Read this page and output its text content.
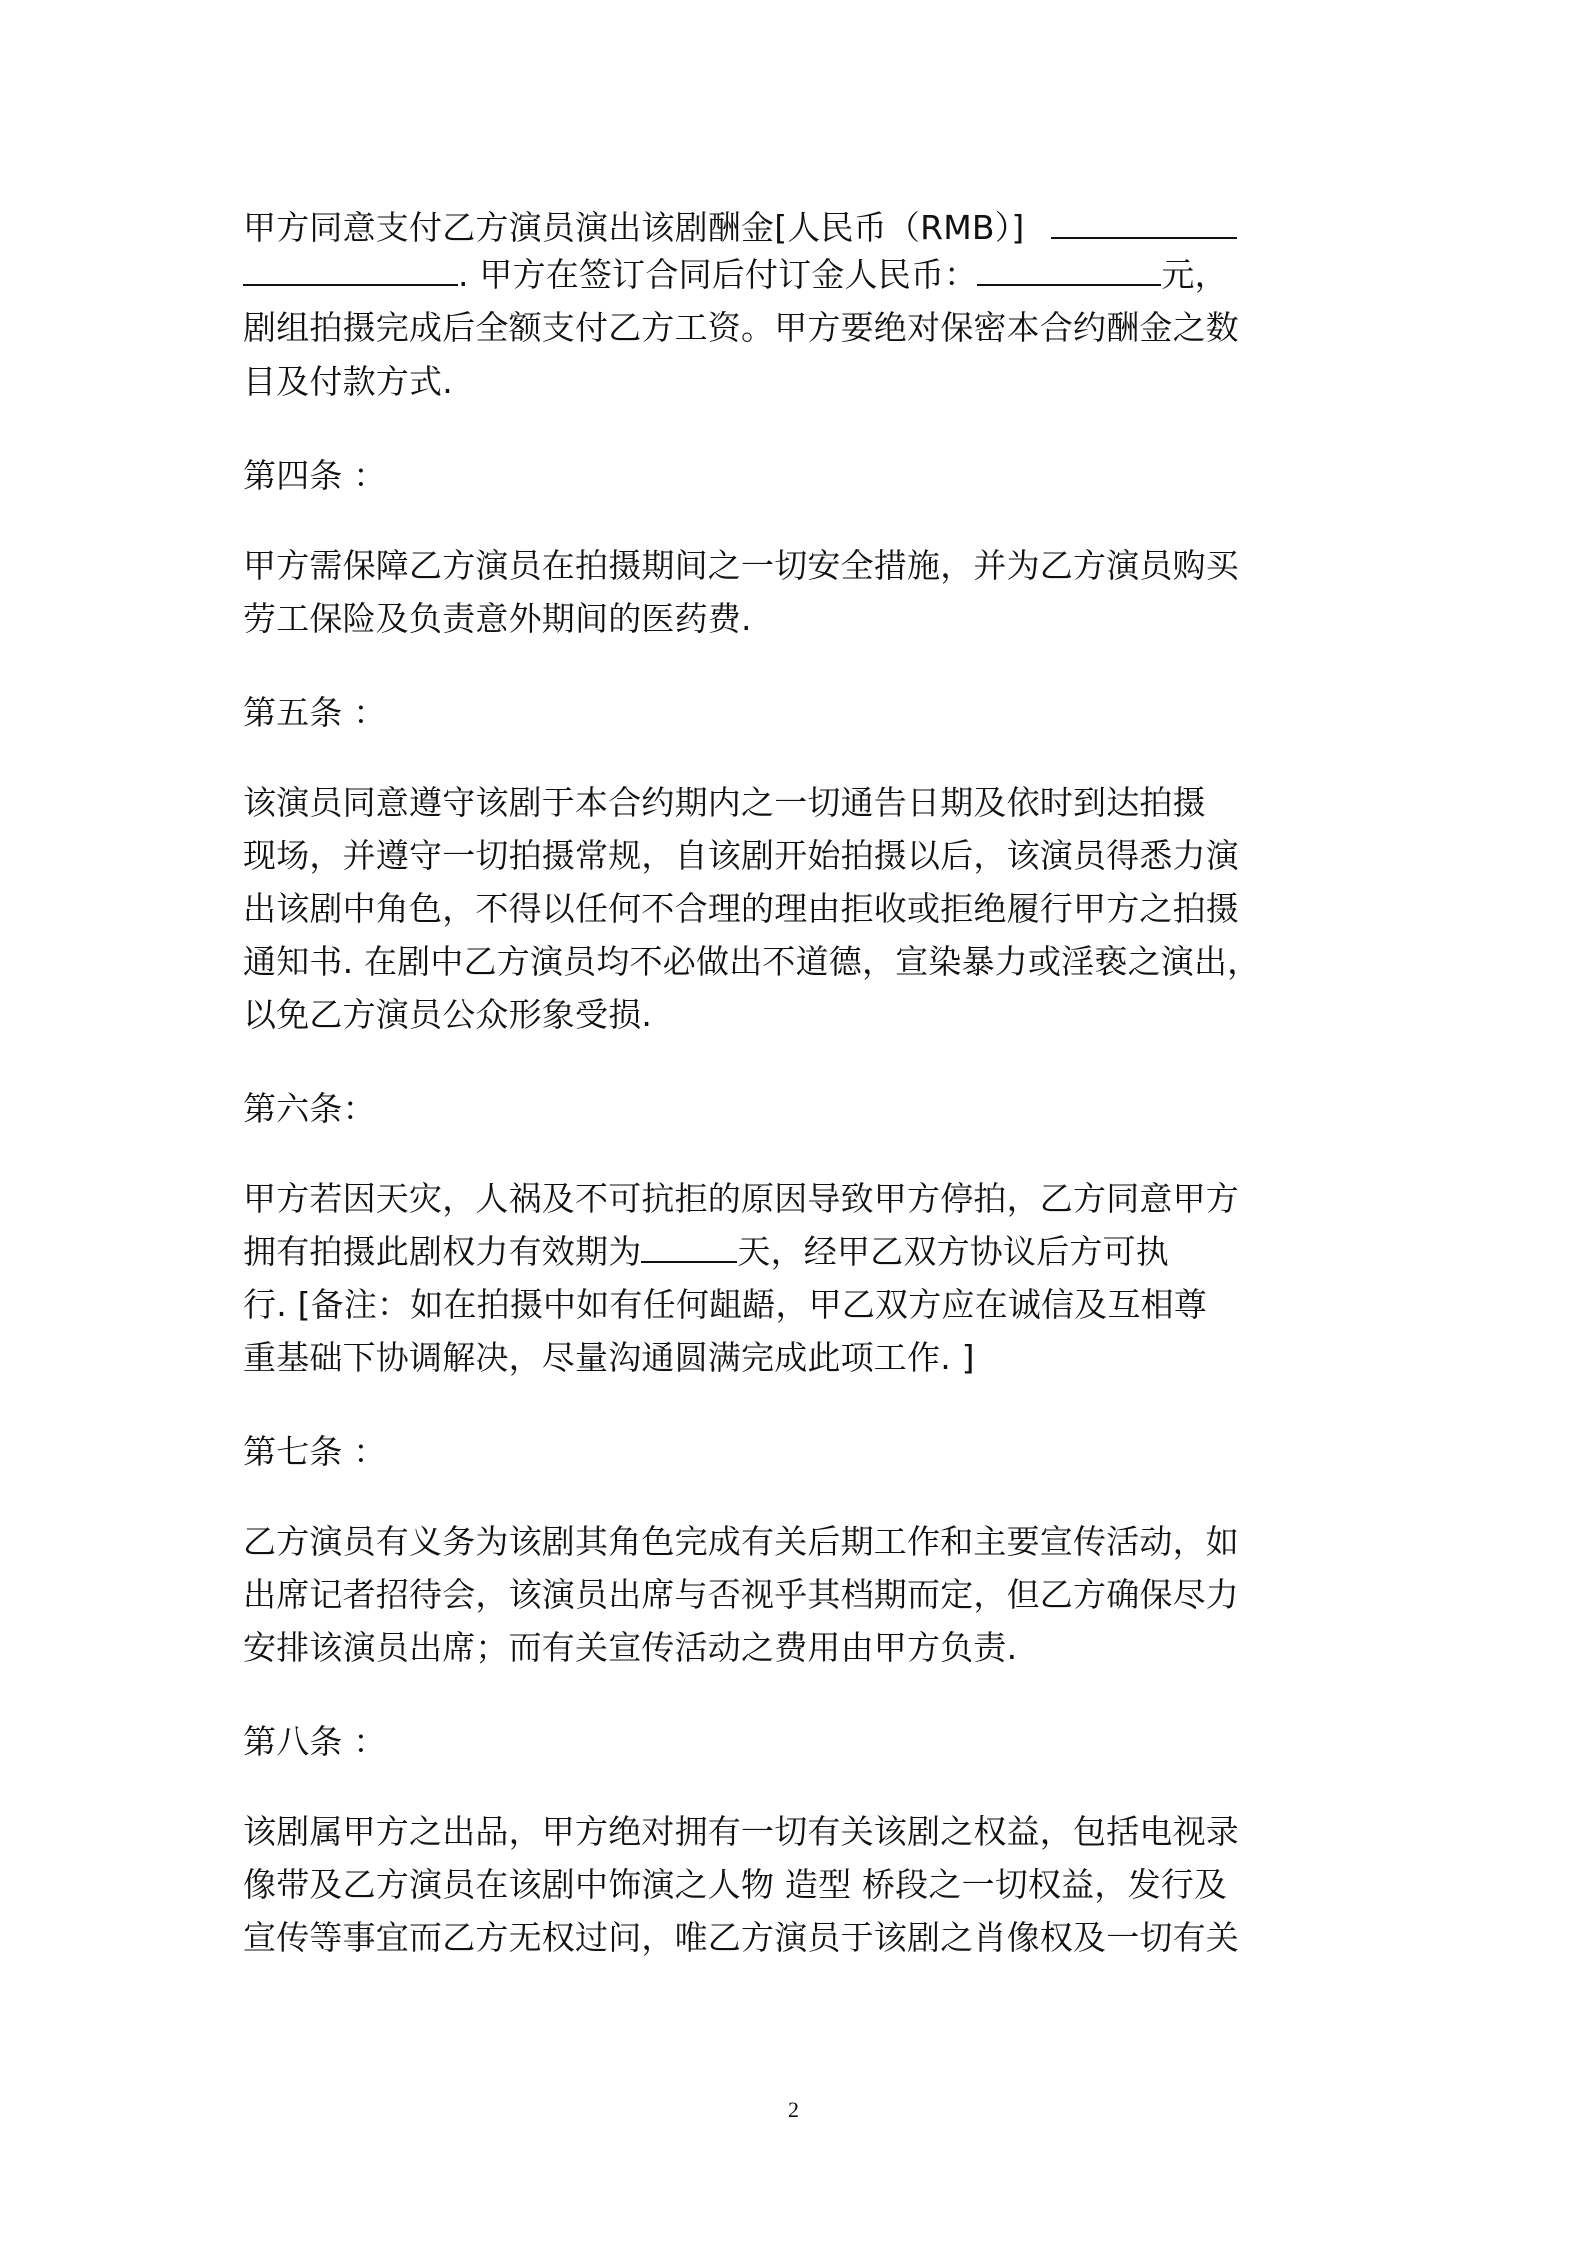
甲方同意支付乙方演员演出该剧酬金[人民币（RMB）]
. 甲方在签订合同后付订金人民币：	元，
剧组拍摄完成后全额支付乙方工资。甲方要绝对保密本合约酬金之数
目及付款方式.
第四条 ：
甲方需保障乙方演员在拍摄期间之一切安全措施，并为乙方演员购买
劳工保险及负责意外期间的医药费.
第五条 ：
该演员同意遵守该剧于本合约期内之一切通告日期及依时到达拍摄
现场，并遵守一切拍摄常规，自该剧开始拍摄以后，该演员得悉力演
出该剧中角色，不得以任何不合理的理由拒收或拒绝履行甲方之拍摄
通知书. 在剧中乙方演员均不必做出不道德，宣染暴力或淫亵之演出，
以免乙方演员公众形象受损.
第六条：
甲方若因天灾，人祸及不可抗拒的原因导致甲方停拍，乙方同意甲方
拥有拍摄此剧权力有效期为	天，经甲乙双方协议后方可执
行. [备注：如在拍摄中如有任何龃龉，甲乙双方应在诚信及互相尊
重基础下协调解决，尽量沟通圆满完成此项工作. ]
第七条 ：
乙方演员有义务为该剧其角色完成有关后期工作和主要宣传活动，如
出席记者招待会，该演员出席与否视乎其档期而定，但乙方确保尽力
安排该演员出席；而有关宣传活动之费用由甲方负责.
第八条 ：
该剧属甲方之出品，甲方绝对拥有一切有关该剧之权益，包括电视录
像带及乙方演员在该剧中饰演之人物 造型 桥段之一切权益，发行及
宣传等事宜而乙方无权过问，唯乙方演员于该剧之肖像权及一切有关
2
